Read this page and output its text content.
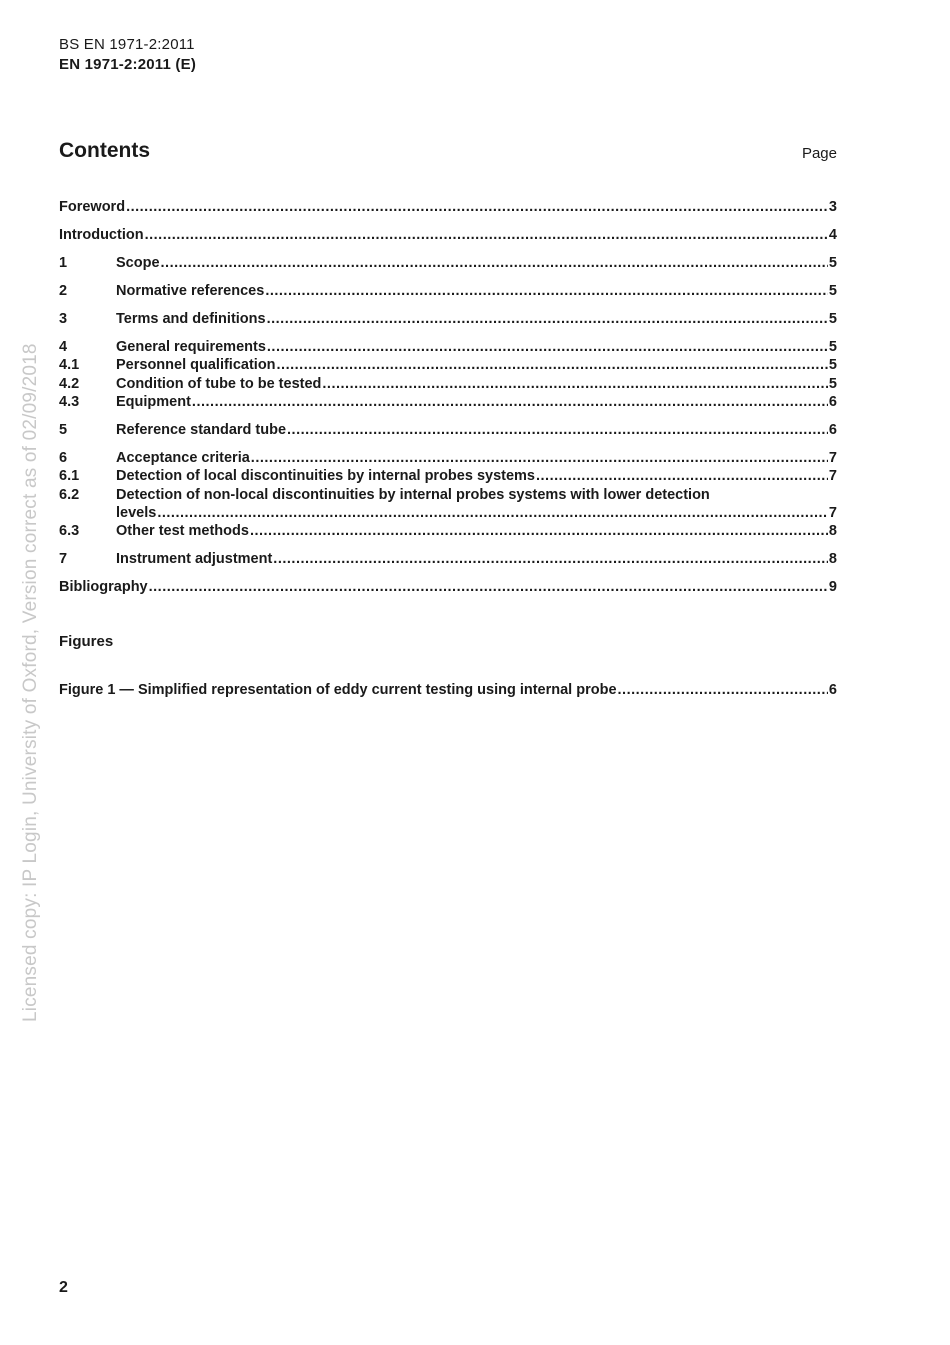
BS EN 1971-2:2011
EN 1971-2:2011 (E)
Contents	Page
Foreword .....	3
Introduction .....	4
1	Scope .....	5
2	Normative references .....	5
3	Terms and definitions .....	5
4	General requirements .....	5
4.1	Personnel qualification .....	5
4.2	Condition of tube to be tested .....	5
4.3	Equipment .....	6
5	Reference standard tube .....	6
6	Acceptance criteria .....	7
6.1	Detection of local discontinuities by internal probes systems .....	7
6.2	Detection of non-local discontinuities by internal probes systems with lower detection
levels .....	7
6.3	Other test methods .....	8
7	Instrument adjustment .....	8
Bibliography .....	9
Figures
Figure 1 — Simplified representation of eddy current testing using internal probe .....	6
2
Licensed copy: IP Login, University of Oxford, Version correct as of 02/09/2018
